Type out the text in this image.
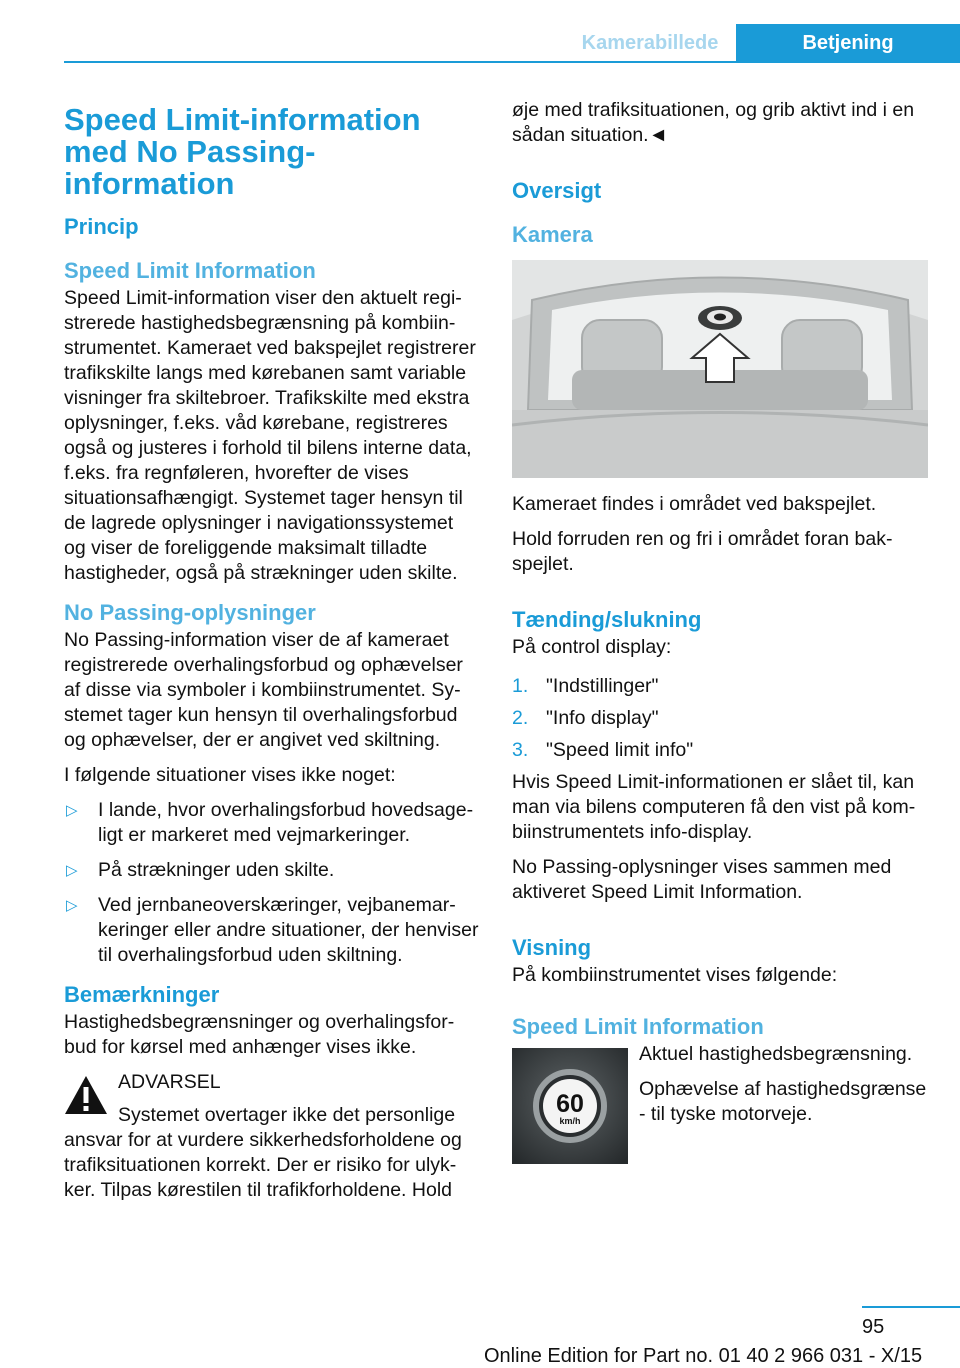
Kamerabillede	Betjening
Speed Limit-information med No Passing-information
Princip
Speed Limit Information

Speed Limit-information viser den aktuelt registrerede hastighedsbegrænsning på kombiinstrumentet. Kameraet ved bakspejlet registrerer trafikskilte langs med kørebanen samt variable visninger fra skiltebroer. Trafikskilte med ekstra oplysninger, f.eks. våd kørebane, registreres også og justeres i forhold til bilens interne data, f.eks. fra regnføleren, hvorefter de vises situationsafhængigt. Systemet tager hensyn til de lagrede oplysninger i navigationssystemet og viser de foreliggende maksimalt tilladte hastigheder, også på strækninger uden skilte.

No Passing-oplysninger

No Passing-information viser de af kameraet registrerede overhalingsforbud og ophævelser af disse via symboler i kombiinstrumentet. Systemet tager kun hensyn til overhalingsforbud og ophævelser, der er angivet ved skiltning.

I følgende situationer vises ikke noget:

▷ I lande, hvor overhalingsforbud hovedsageligt er markeret med vejmarkeringer.
▷ På strækninger uden skilte.
▷ Ved jernbaneoverskæringer, vejbanemarkeringer eller andre situationer, der henviser til overhalingsforbud uden skiltning.
Bemærkninger

Hastighedsbegrænsninger og overhalingsforbud for kørsel med anhænger vises ikke.

ADVARSEL

Systemet overtager ikke det personlige ansvar for at vurdere sikkerhedsforholdene og trafiksituationen korrekt. Der er risiko for ulykker. Tilpas kørestilen til trafikforholdene. Hold

øje med trafiksituationen, og grib aktivt ind i en sådan situation.◄

Oversigt
Kamera

Kameraet findes i området ved bakspejlet.

Hold forruden ren og fri i området foran bakspejlet.

Tænding/slukning

På control display:

1. "Indstillinger"
2. "Info display"
3. "Speed limit info"

Hvis Speed Limit-informationen er slået til, kan man via bilens computeren få den vist på kombiinstrumentets info-display.

No Passing-oplysninger vises sammen med aktiveret Speed Limit Information.

Visning

På kombiinstrumentet vises følgende:

Speed Limit Information
60
km/h

Aktuel hastighedsbegrænsning.

Ophævelse af hastighedsgrænse - til tyske motorveje.

95
Online Edition for Part no. 01 40 2 966 031 - X/15
